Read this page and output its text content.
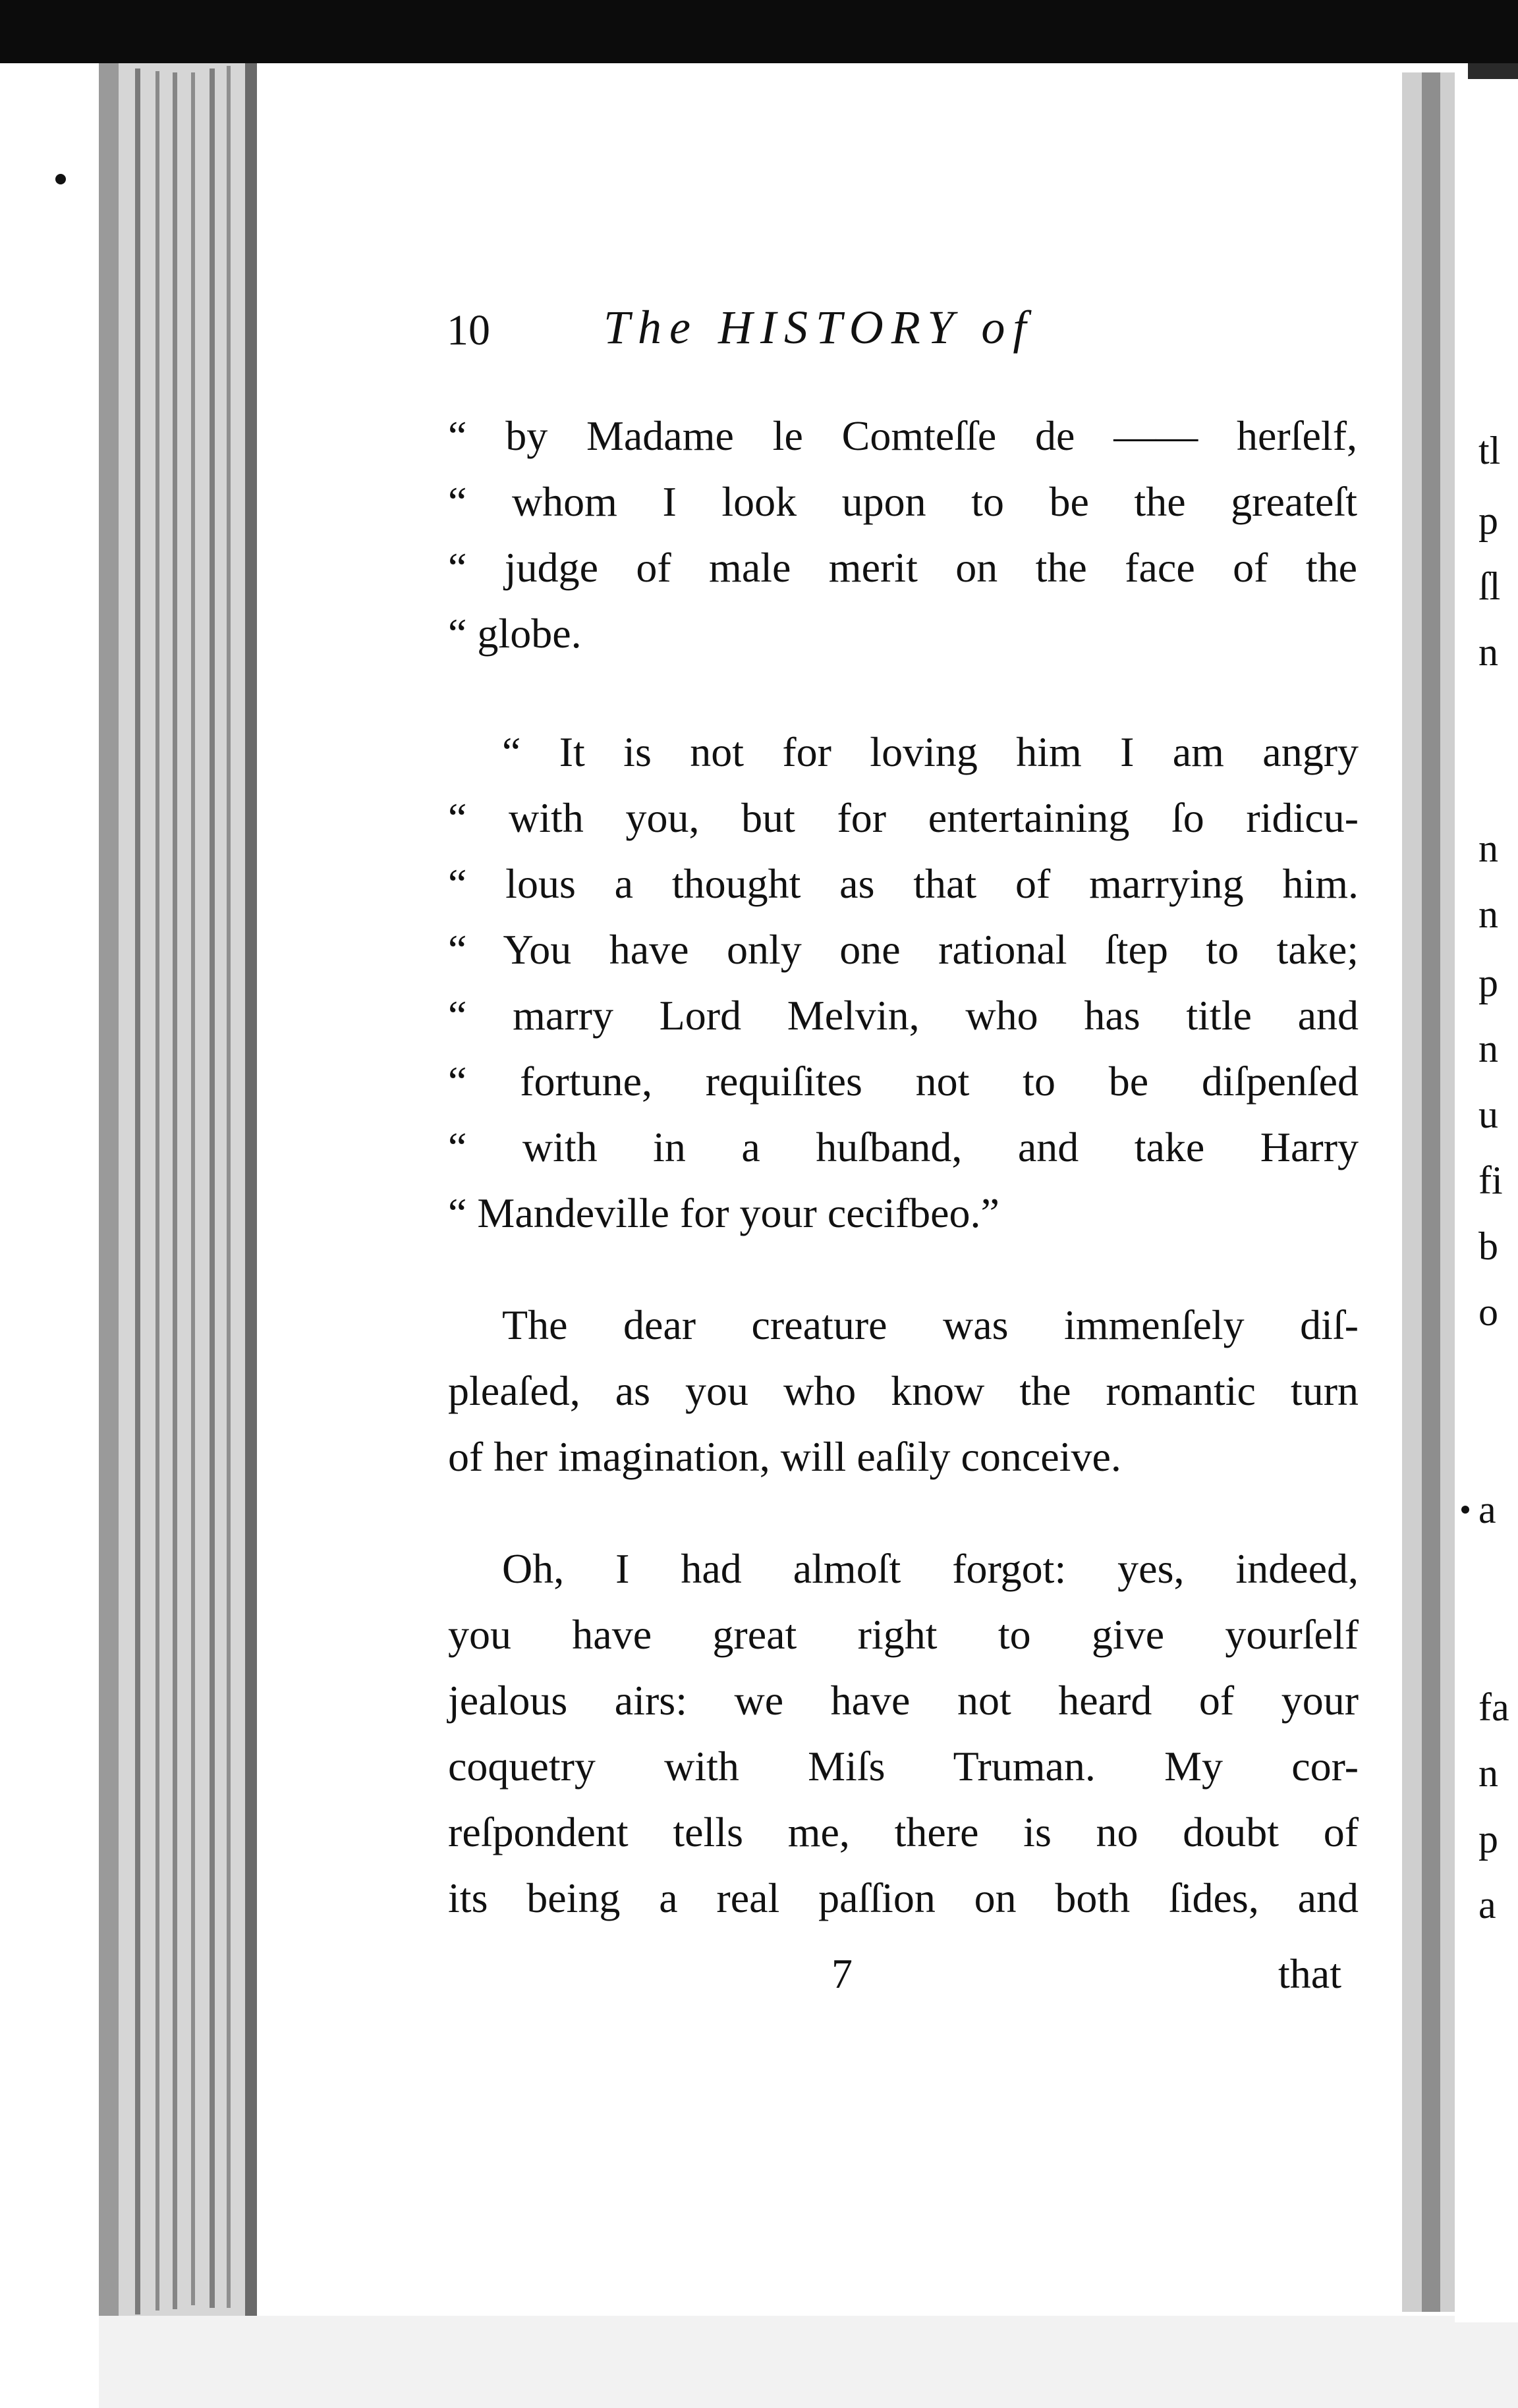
10 The HISTORY of
“ by Madame le Comteſſe de —— herſelf,
“ whom I look upon to be the greateſt
“ judge of male merit on the face of the
“ globe.
“ It is not for loving him I am angry
“ with you, but for entertaining ſo ridicu-
“ lous a thought as that of marrying him.
“ You have only one rational ſtep to take;
“ marry Lord Melvin, who has title and
“ fortune, requiſites not to be diſpenſed
“ with in a huſband, and take Harry
“ Mandeville for your cecifbeo.”
The dear creature was immenſely diſ-
pleaſed, as you who know the romantic turn
of her imagination, will eaſily conceive.
Oh, I had almoſt forgot: yes, indeed,
you have great right to give yourſelf
jealous airs: we have not heard of your
coquetry with Miſs Truman. My cor-
reſpondent tells me, there is no doubt of
its being a real paſſion on both ſides, and
7	that
tl
p
ſl
n
n
n
p
n
u
fi
b
o
a
fa
n
p
a
